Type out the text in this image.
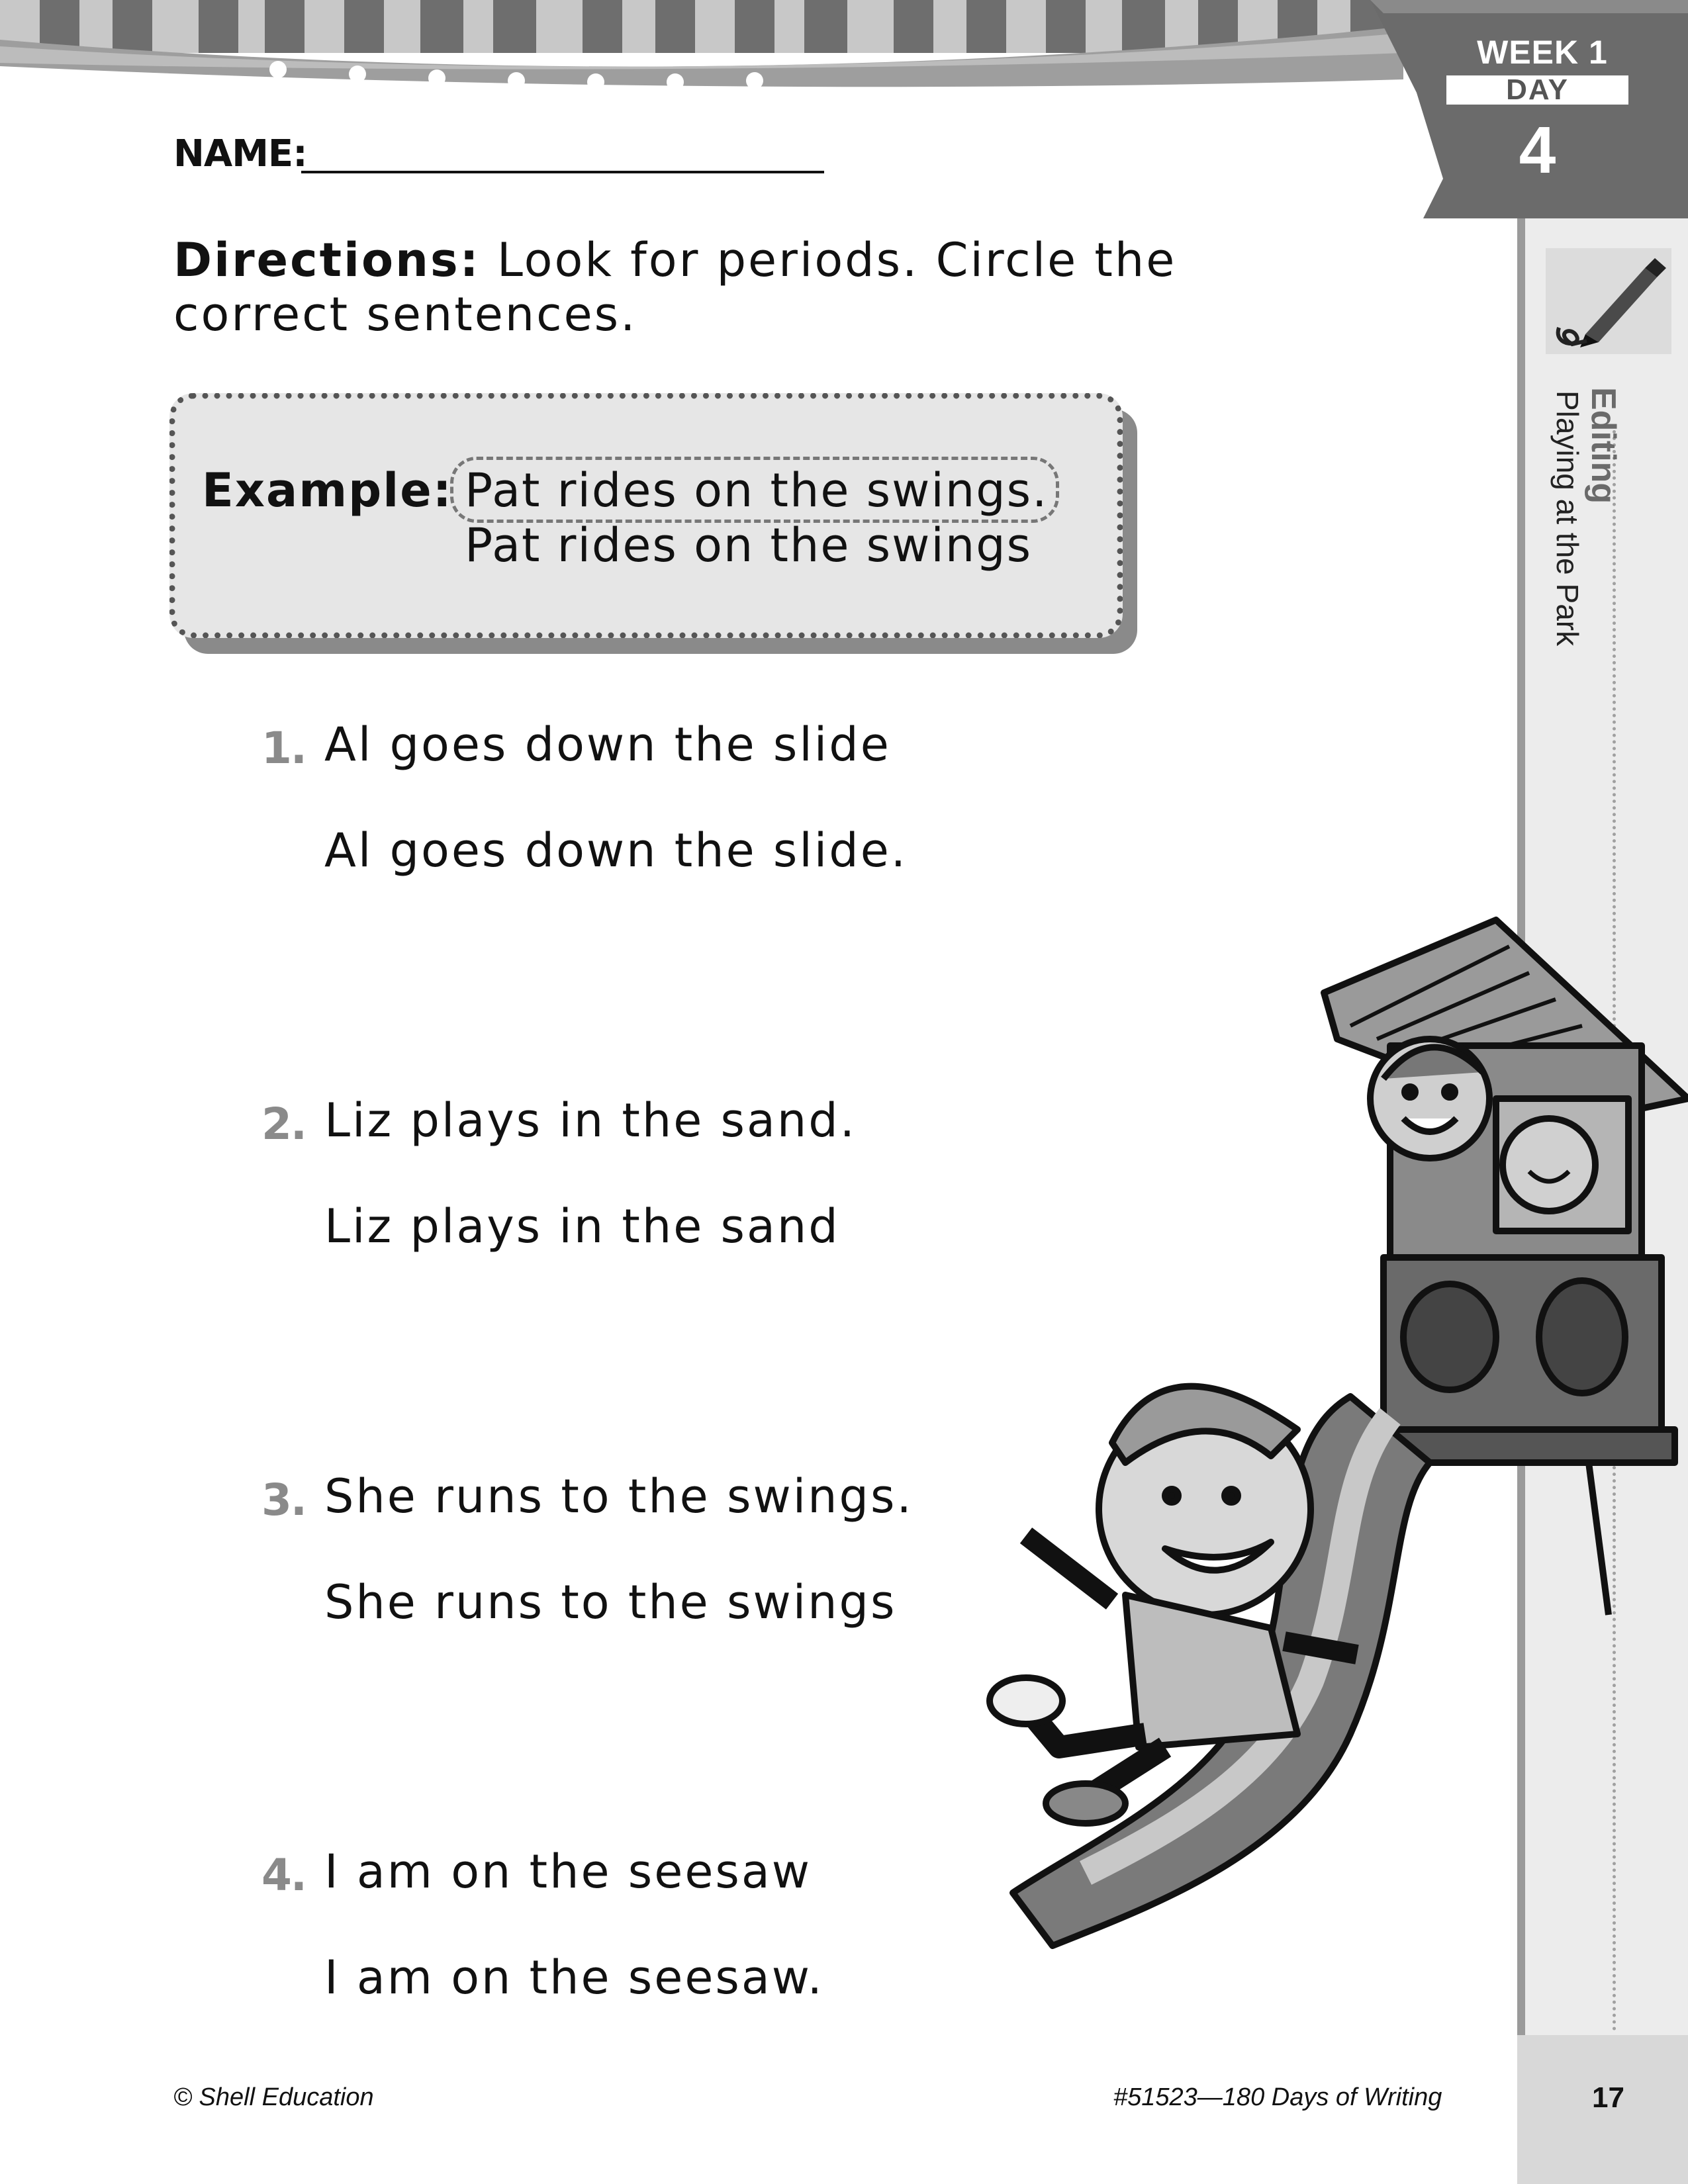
WEEK 1
DAY
4
Editing
Playing at the Park
NAME:
Directions: Look for periods. Circle the correct sentences.
Example: Pat rides on the swings.
Pat rides on the swings
1. Al goes down the slide
Al goes down the slide.
2. Liz plays in the sand.
Liz plays in the sand
3. She runs to the swings.
She runs to the swings
4. I am on the seesaw
I am on the seesaw.
© Shell Education	#51523—180 Days of Writing	17
